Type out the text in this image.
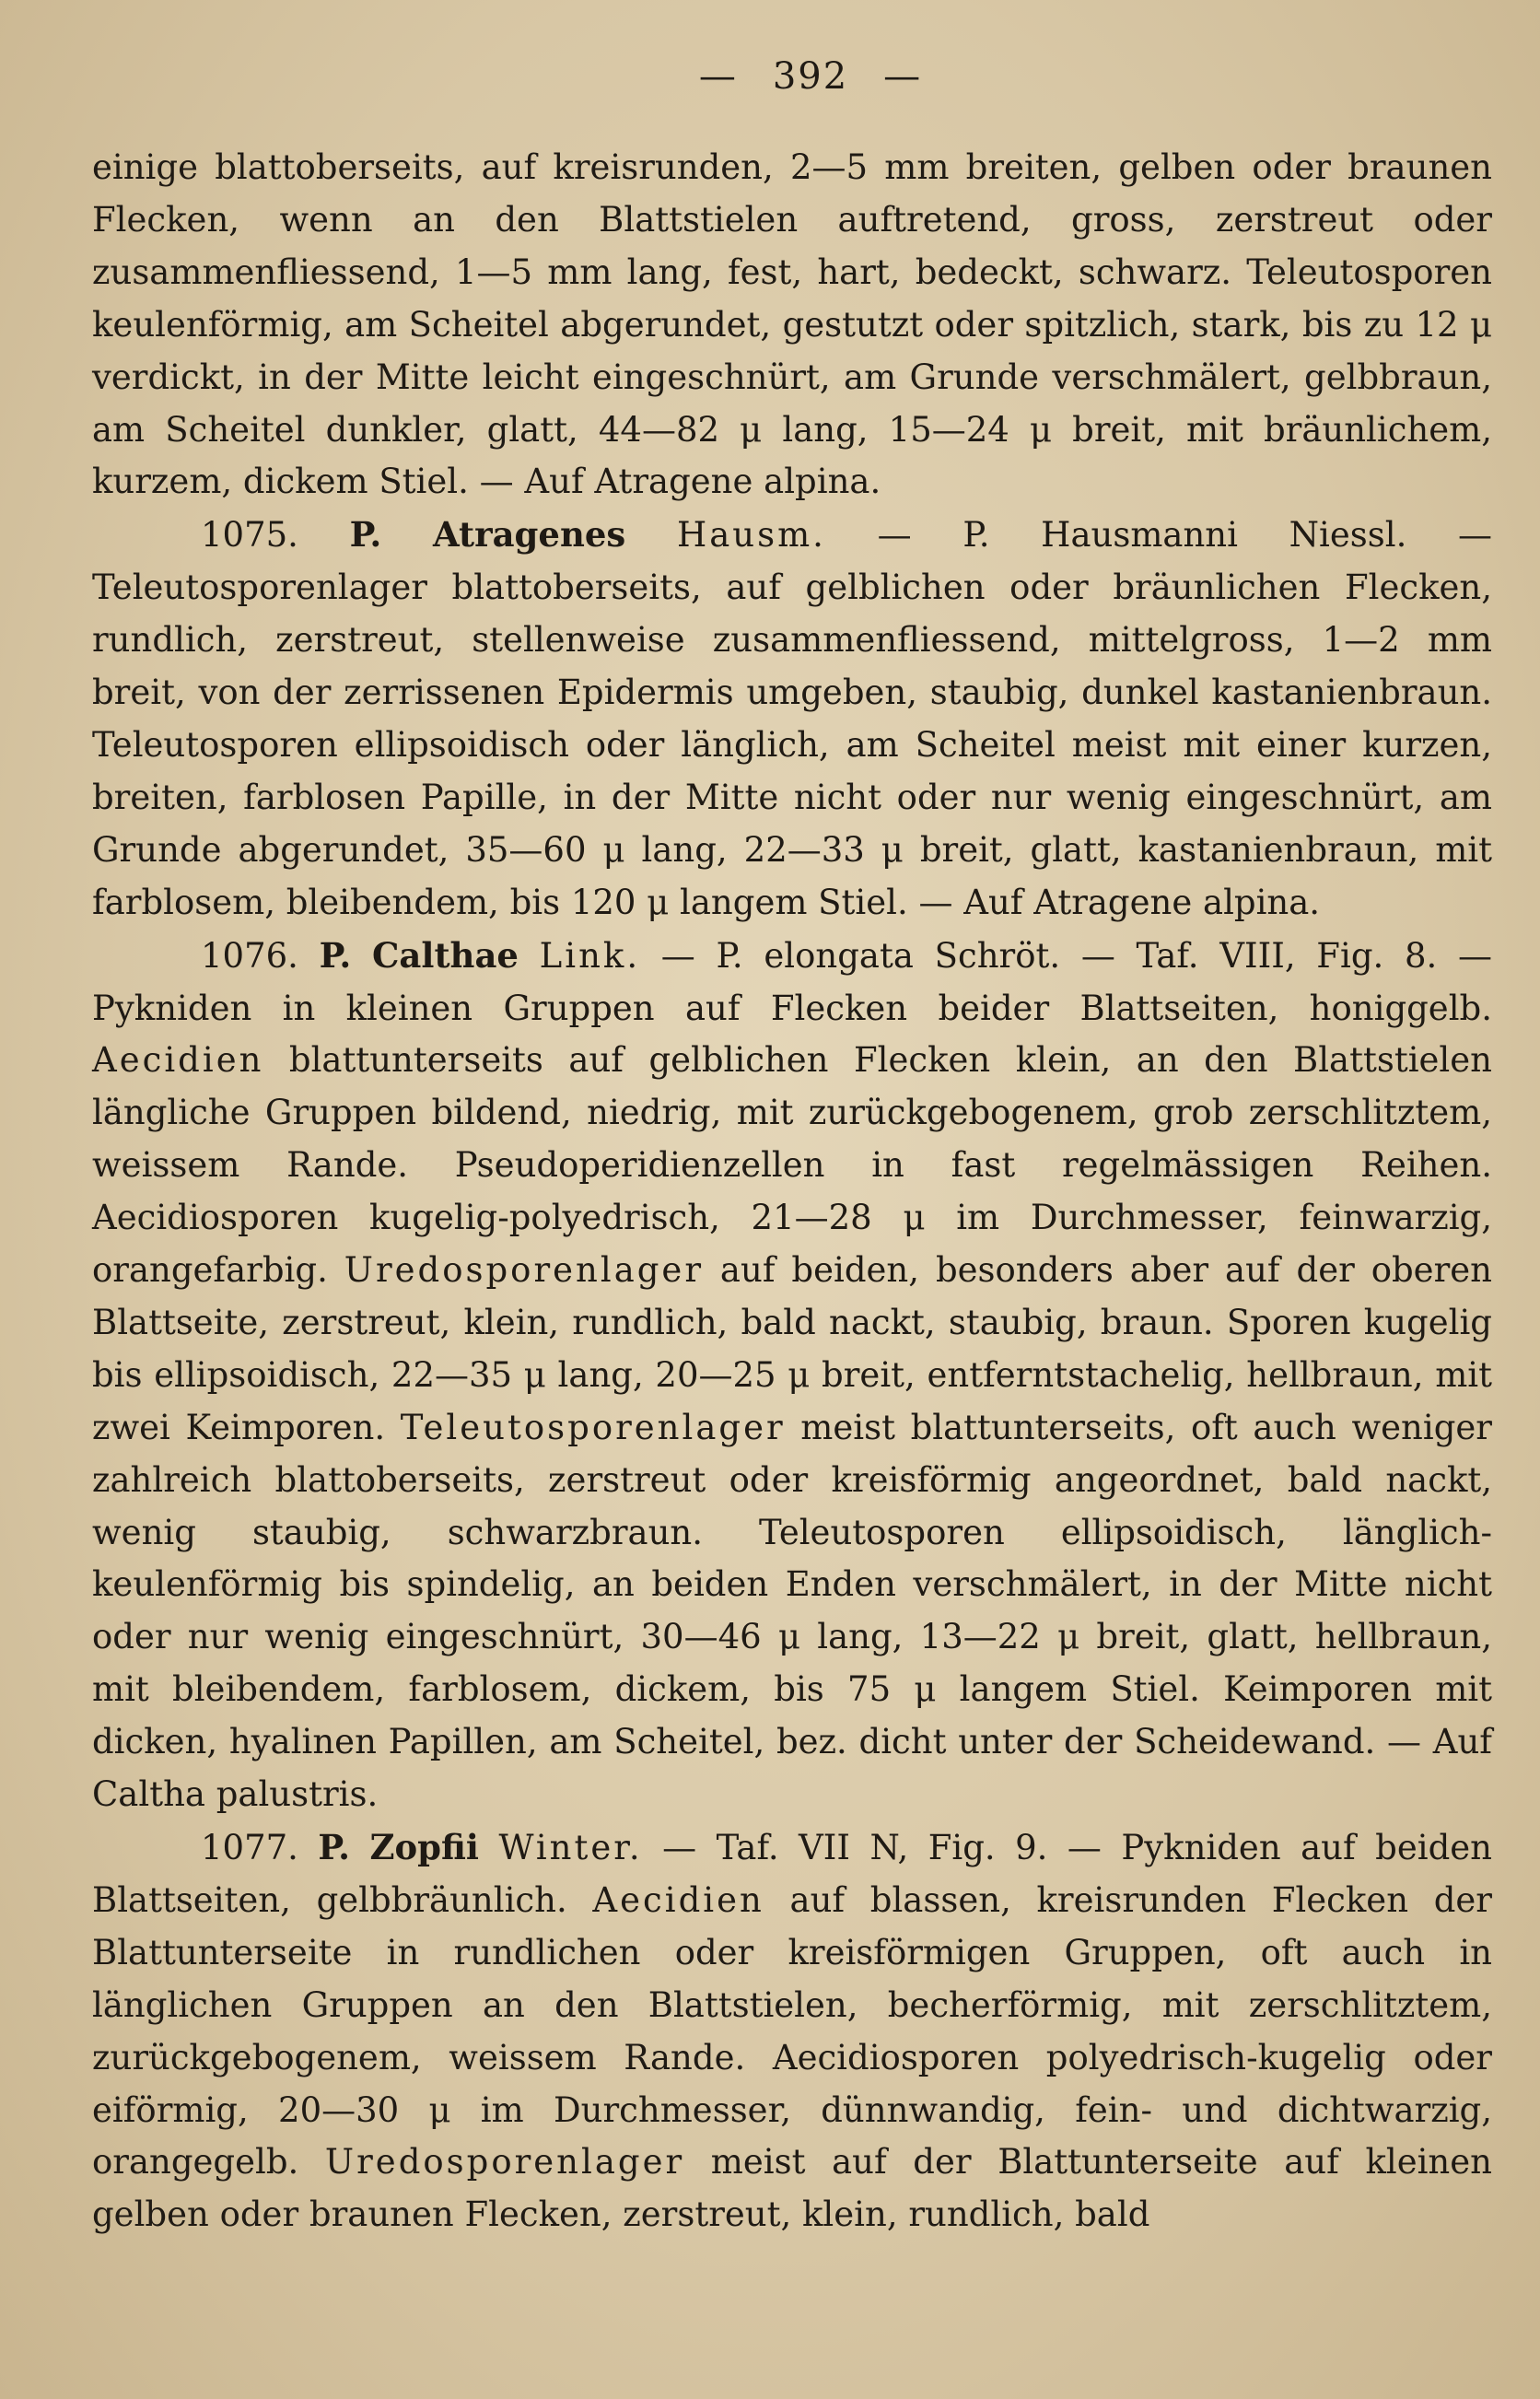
— 392 —

einige blattoberseits, auf kreisrunden, 2—5 mm breiten, gelben oder braunen Flecken, wenn an den Blattstielen auftretend, gross, zerstreut oder zusammenfliessend, 1—5 mm lang, fest, hart, bedeckt, schwarz. Teleutosporen keulenförmig, am Scheitel abgerundet, gestutzt oder spitzlich, stark, bis zu 12 μ verdickt, in der Mitte leicht eingeschnürt, am Grunde verschmälert, gelbbraun, am Scheitel dunkler, glatt, 44—82 μ lang, 15—24 μ breit, mit bräunlichem, kurzem, dickem Stiel. — Auf Atragene alpina.

1075. P. Atragenes Hausm. — P. Hausmanni Niessl. — Teleutosporenlager blattoberseits, auf gelblichen oder bräunlichen Flecken, rundlich, zerstreut, stellenweise zusammenfliessend, mittelgross, 1—2 mm breit, von der zerrissenen Epidermis umgeben, staubig, dunkel kastanienbraun. Teleutosporen ellipsoidisch oder länglich, am Scheitel meist mit einer kurzen, breiten, farblosen Papille, in der Mitte nicht oder nur wenig eingeschnürt, am Grunde abgerundet, 35—60 μ lang, 22—33 μ breit, glatt, kastanienbraun, mit farblosem, bleibendem, bis 120 μ langem Stiel. — Auf Atragene alpina.

1076. P. Calthae Link. — P. elongata Schröt. — Taf. VIII, Fig. 8. — Pykniden in kleinen Gruppen auf Flecken beider Blattseiten, honiggelb. Aecidien blattunterseits auf gelblichen Flecken klein, an den Blattstielen längliche Gruppen bildend, niedrig, mit zurückgebogenem, grob zerschlitztem, weissem Rande. Pseudoperidienzellen in fast regelmässigen Reihen. Aecidiosporen kugelig-polyedrisch, 21—28 μ im Durchmesser, feinwarzig, orangefarbig. Uredosporenlager auf beiden, besonders aber auf der oberen Blattseite, zerstreut, klein, rundlich, bald nackt, staubig, braun. Sporen kugelig bis ellipsoidisch, 22—35 μ lang, 20—25 μ breit, entferntstachelig, hellbraun, mit zwei Keimporen. Teleutosporenlager meist blattunterseits, oft auch weniger zahlreich blattoberseits, zerstreut oder kreisförmig angeordnet, bald nackt, wenig staubig, schwarzbraun. Teleutosporen ellipsoidisch, länglich-keulenförmig bis spindelig, an beiden Enden verschmälert, in der Mitte nicht oder nur wenig eingeschnürt, 30—46 μ lang, 13—22 μ breit, glatt, hellbraun, mit bleibendem, farblosem, dickem, bis 75 μ langem Stiel. Keimporen mit dicken, hyalinen Papillen, am Scheitel, bez. dicht unter der Scheidewand. — Auf Caltha palustris.

1077. P. Zopfii Winter. — Taf. VII N, Fig. 9. — Pykniden auf beiden Blattseiten, gelbbräunlich. Aecidien auf blassen, kreisrunden Flecken der Blattunterseite in rundlichen oder kreisförmigen Gruppen, oft auch in länglichen Gruppen an den Blattstielen, becherförmig, mit zerschlitztem, zurückgebogenem, weissem Rande. Aecidiosporen polyedrisch-kugelig oder eiförmig, 20—30 μ im Durchmesser, dünnwandig, fein- und dichtwarzig, orangegelb. Uredosporenlager meist auf der Blattunterseite auf kleinen gelben oder braunen Flecken, zerstreut, klein, rundlich, bald
